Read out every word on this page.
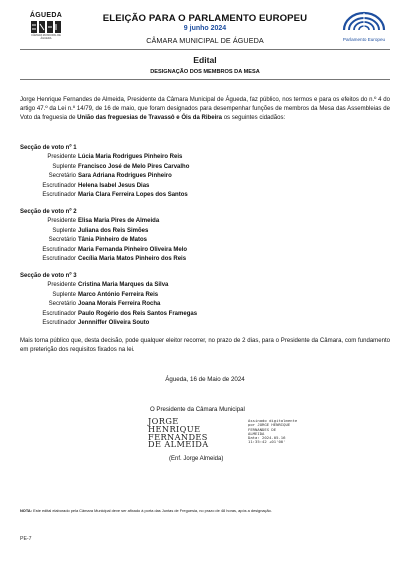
ÁGUEDA
CÂMARA MUNICIPAL DE ÁGUEDA
ELEIÇÃO PARA O PARLAMENTO EUROPEU
9 junho 2024
CÂMARA MUNICIPAL DE ÁGUEDA	Parlamento Europeu
Edital
DESIGNAÇÃO DOS MEMBROS DA MESA

Jorge Henrique Fernandes de Almeida, Presidente da Câmara Municipal de Águeda, faz público, nos termos e para os efeitos do n.º 4 do artigo 47.º da Lei n.º 14/79, de 16 de maio, que foram designados para desempenhar funções de membros da Mesa das Assembleias de Voto da freguesia de União das freguesias de Travassô e Óis da Ribeira os seguintes cidadãos:

Secção de voto nº 1
Presidente Lúcia Maria Rodrigues Pinheiro Reis
Suplente Francisco José de Melo Pires Carvalho
Secretário Sara Adriana Rodrigues Pinheiro
Escrutinador Helena Isabel Jesus Dias
Escrutinador Maria Clara Ferreira Lopes dos Santos
Secção de voto nº 2
Presidente Elisa Maria Pires de Almeida
Suplente Juliana dos Reis Simões
Secretário Tânia Pinheiro de Matos
Escrutinador Maria Fernanda Pinheiro Oliveira Melo
Escrutinador Cecília Maria Matos Pinheiro dos Reis
Secção de voto nº 3
Presidente Cristina Maria Marques da Silva
Suplente Marco António Ferreira Reis
Secretário Joana Morais Ferreira Rocha
Escrutinador Paulo Rogério dos Reis Santos Framegas
Escrutinador Jennniffer Oliveira Souto

Mais torna público que, desta decisão, pode qualquer eleitor recorrer, no prazo de 2 dias, para o Presidente da Câmara, com fundamento em preterição dos requisitos fixados na lei.

Águeda, 16 de Maio de 2024
O Presidente da Câmara Municipal
JORGE
HENRIQUE
FERNANDES
DE ALMEIDA
Assinado digitalmente
por JORGE HENRIQUE
FERNANDES DE
ALMEIDA
Data: 2024.05.16
11:35:42 +01'00'
(Enf. Jorge Almeida)

NOTA: Este edital elaborado pela Câmara Municipal deve ser afixado à porta das Juntas de Freguesia, no prazo de 48 horas, após a designação.

PE-7
